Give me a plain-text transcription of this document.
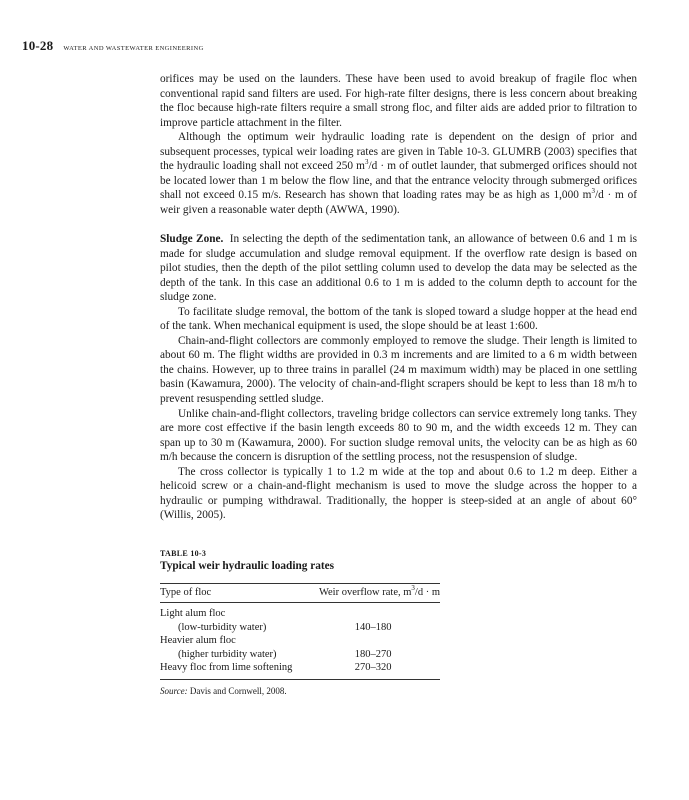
10-28 WATER AND WASTEWATER ENGINEERING

orifices may be used on the launders. These have been used to avoid breakup of fragile floc when conventional rapid sand filters are used. For high-rate filter designs, there is less concern about breaking the floc because high-rate filters require a small strong floc, and filter aids are added prior to filtration to improve particle attachment in the filter.

Although the optimum weir hydraulic loading rate is dependent on the design of prior and subsequent processes, typical weir loading rates are given in Table 10-3. GLUMRB (2003) specifies that the hydraulic loading shall not exceed 250 $m^3/d \cdot m$ of outlet launder, that submerged orifices should not be located lower than 1 m below the flow line, and that the entrance velocity through submerged orifices shall not exceed 0.15 m/s. Research has shown that loading rates may be as high as 1,000 $m^3/d \cdot m$ of weir given a reasonable water depth (AWWA, 1990).

Sludge Zone. In selecting the depth of the sedimentation tank, an allowance of between 0.6 and 1 m is made for sludge accumulation and sludge removal equipment. If the overflow rate design is based on pilot studies, then the depth of the pilot settling column used to develop the data may be selected as the depth of the tank. In this case an additional 0.6 to 1 m is added to the column depth to account for the sludge zone.

To facilitate sludge removal, the bottom of the tank is sloped toward a sludge hopper at the head end of the tank. When mechanical equipment is used, the slope should be at least 1:600.

Chain-and-flight collectors are commonly employed to remove the sludge. Their length is limited to about 60 m. The flight widths are provided in 0.3 m increments and are limited to a 6 m width between the chains. However, up to three trains in parallel (24 m maximum width) may be placed in one settling basin (Kawamura, 2000). The velocity of chain-and-flight scrapers should be kept to less than 18 m/h to prevent resuspending settled sludge.

Unlike chain-and-flight collectors, traveling bridge collectors can service extremely long tanks. They are more cost effective if the basin length exceeds 80 to 90 m, and the width exceeds 12 m. They can span up to 30 m (Kawamura, 2000). For suction sludge removal units, the velocity can be as high as 60 m/h because the concern is disruption of the settling process, not the resuspension of sludge.

The cross collector is typically 1 to 1.2 m wide at the top and about 0.6 to 1.2 m deep. Either a helicoid screw or a chain-and-flight mechanism is used to move the sludge across the hopper to a hydraulic or pumping withdrawal. Traditionally, the hopper is steep-sided at an angle of about 60° (Willis, 2005).

TABLE 10-3
Typical weir hydraulic loading rates
Type of floc	Weir overflow rate, $m^3/d \cdot m$
Light alum floc	
(low-turbidity water)	140–180
Heavier alum floc	
(higher turbidity water)	180–270
Heavy floc from lime softening	270–320
Source: Davis and Cornwell, 2008.
